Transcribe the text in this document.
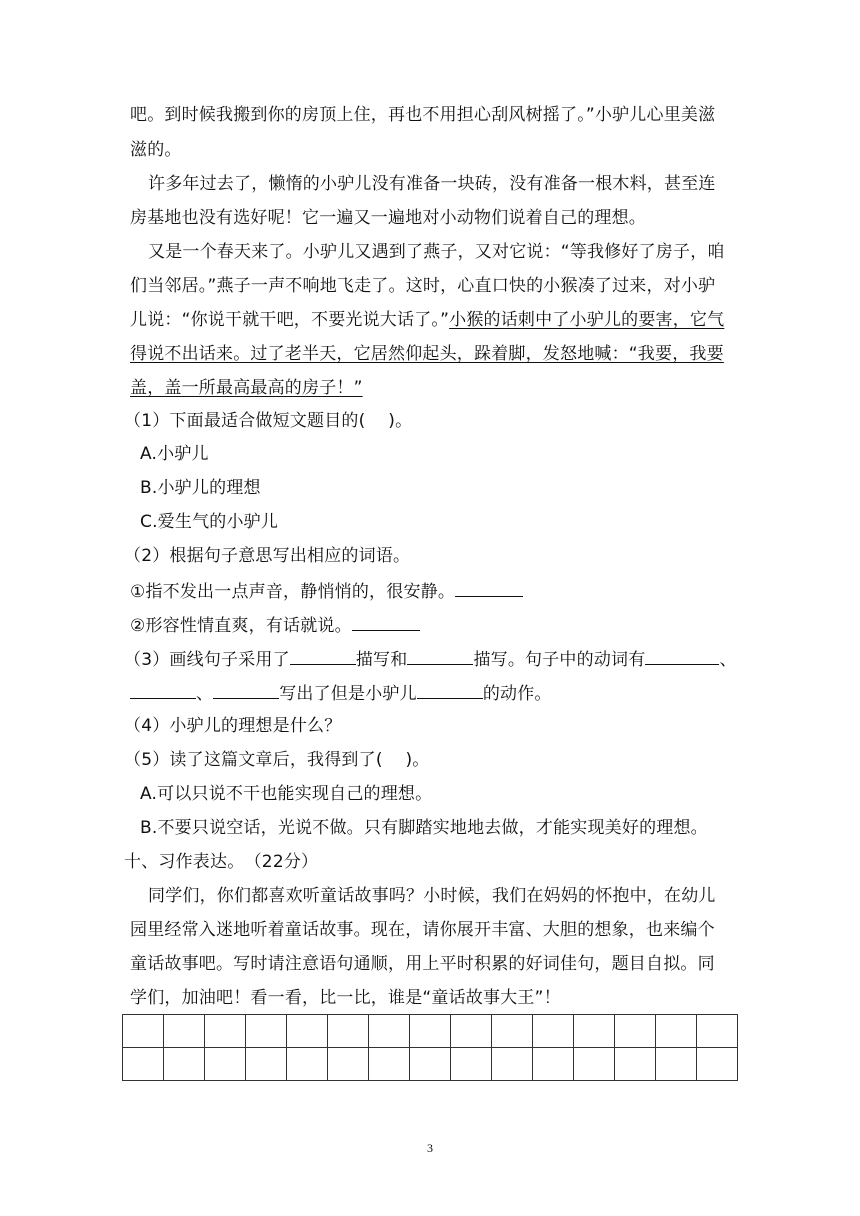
吧。到时候我搬到你的房顶上住，再也不用担心刮风树摇了。”小驴儿心里美滋
滋的。
许多年过去了，懒惰的小驴儿没有准备一块砖，没有准备一根木料，甚至连
房基地也没有选好呢！它一遍又一遍地对小动物们说着自己的理想。
又是一个春天来了。小驴儿又遇到了燕子，又对它说：“等我修好了房子，咱
们当邻居。”燕子一声不响地飞走了。这时，心直口快的小猴凑了过来，对小驴
儿说：“你说干就干吧，不要光说大话了。”小猴的话刺中了小驴儿的要害，它气
得说不出话来。过了老半天，它居然仰起头，跺着脚，发怒地喊：“我要，我要
盖，盖一所最高最高的房子！”
（1）下面最适合做短文题目的(　 )。
A.小驴儿
B.小驴儿的理想
C.爱生气的小驴儿
（2）根据句子意思写出相应的词语。
①指不发出一点声音，静悄悄的，很安静。
②形容性情直爽，有话就说。
（3）画线句子采用了	描写和	描写。句子中的动词有	、
、	写出了但是小驴儿	的动作。
（4）小驴儿的理想是什么？
（5）读了这篇文章后，我得到了(　 )。
A.可以只说不干也能实现自己的理想。
B.不要只说空话，光说不做。只有脚踏实地地去做，才能实现美好的理想。
十、习作表达。　（22分）
同学们，你们都喜欢听童话故事吗？小时候，我们在妈妈的怀抱中，在幼儿
园里经常入迷地听着童话故事。现在，请你展开丰富、大胆的想象，也来编个
童话故事吧。写时请注意语句通顺，用上平时积累的好词佳句，题目自拟。同
学们，加油吧！看一看，比一比，谁是“童话故事大王”！

3
